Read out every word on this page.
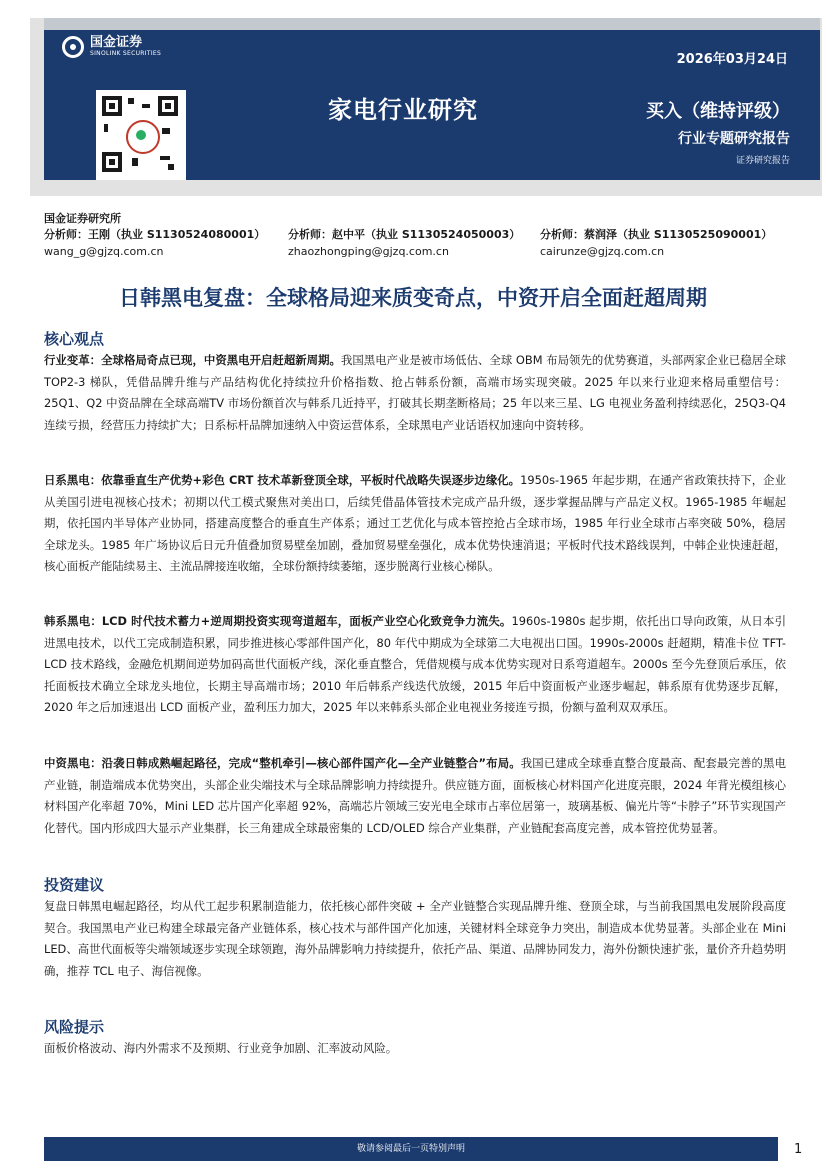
国金证券
SINOLINK SECURITIES	2026年03月24日
家电行业研究	买入（维持评级）
行业专题研究报告
证券研究报告
国金证券研究所
分析师：王刚（执业 S1130524080001）
wang_g@gjzq.com.cn
分析师：赵中平（执业 S1130524050003）
zhaozhongping@gjzq.com.cn
分析师：蔡润泽（执业 S1130525090001）
cairunze@gjzq.com.cn
日韩黑电复盘：全球格局迎来质变奇点，中资开启全面赶超周期
核心观点
行业变革：全球格局奇点已现，中资黑电开启赶超新周期。我国黑电产业是被市场低估、全球 OBM 布局领先的优势赛道，头部两家企业已稳居全球 TOP2-3 梯队，凭借品牌升维与产品结构优化持续拉升价格指数、抢占韩系份额，高端市场实现突破。2025 年以来行业迎来格局重塑信号：25Q1、Q2 中资品牌在全球高端TV 市场份额首次与韩系几近持平，打破其长期垄断格局；25 年以来三星、LG 电视业务盈利持续恶化，25Q3-Q4 连续亏损，经营压力持续扩大；日系标杆品牌加速纳入中资运营体系，全球黑电产业话语权加速向中资转移。
日系黑电：依靠垂直生产优势+彩色 CRT 技术革新登顶全球，平板时代战略失误逐步边缘化。1950s-1965 年起步期，在通产省政策扶持下，企业从美国引进电视核心技术；初期以代工模式聚焦对美出口，后续凭借晶体管技术完成产品升级，逐步掌握品牌与产品定义权。1965-1985 年崛起期，依托国内半导体产业协同，搭建高度整合的垂直生产体系；通过工艺优化与成本管控抢占全球市场，1985 年行业全球市占率突破 50%，稳居全球龙头。1985 年广场协议后日元升值叠加贸易壁垒加剧，叠加贸易壁垒强化，成本优势快速消退；平板时代技术路线误判，中韩企业快速赶超，核心面板产能陆续易主、主流品牌接连收缩，全球份额持续萎缩，逐步脱离行业核心梯队。
韩系黑电：LCD 时代技术蓄力+逆周期投资实现弯道超车，面板产业空心化致竞争力流失。1960s-1980s 起步期，依托出口导向政策，从日本引进黑电技术，以代工完成制造积累，同步推进核心零部件国产化，80 年代中期成为全球第二大电视出口国。1990s-2000s 赶超期，精准卡位 TFT-LCD 技术路线，金融危机期间逆势加码高世代面板产线，深化垂直整合，凭借规模与成本优势实现对日系弯道超车。2000s 至今先登顶后承压，依托面板技术确立全球龙头地位，长期主导高端市场；2010 年后韩系产线迭代放缓，2015 年后中资面板产业逐步崛起，韩系原有优势逐步瓦解，2020 年之后加速退出 LCD 面板产业，盈利压力加大，2025 年以来韩系头部企业电视业务接连亏损，份额与盈利双双承压。
中资黑电：沿袭日韩成熟崛起路径，完成“整机牵引—核心部件国产化—全产业链整合”布局。我国已建成全球垂直整合度最高、配套最完善的黑电产业链，制造端成本优势突出，头部企业尖端技术与全球品牌影响力持续提升。供应链方面，面板核心材料国产化进度亮眼，2024 年背光模组核心材料国产化率超 70%，Mini LED 芯片国产化率超 92%，高端芯片领域三安光电全球市占率位居第一，玻璃基板、偏光片等“卡脖子”环节实现国产化替代。国内形成四大显示产业集群，长三角建成全球最密集的 LCD/OLED 综合产业集群，产业链配套高度完善，成本管控优势显著。
投资建议
复盘日韩黑电崛起路径，均从代工起步积累制造能力，依托核心部件突破 + 全产业链整合实现品牌升维、登顶全球，与当前我国黑电发展阶段高度契合。我国黑电产业已构建全球最完备产业链体系，核心技术与部件国产化加速，关键材料全球竞争力突出，制造成本优势显著。头部企业在 Mini LED、高世代面板等尖端领域逐步实现全球领跑，海外品牌影响力持续提升，依托产品、渠道、品牌协同发力，海外份额快速扩张，量价齐升趋势明确，推荐 TCL 电子、海信视像。
风险提示
面板价格波动、海内外需求不及预期、行业竞争加剧、汇率波动风险。
敬请参阅最后一页特别声明	1
